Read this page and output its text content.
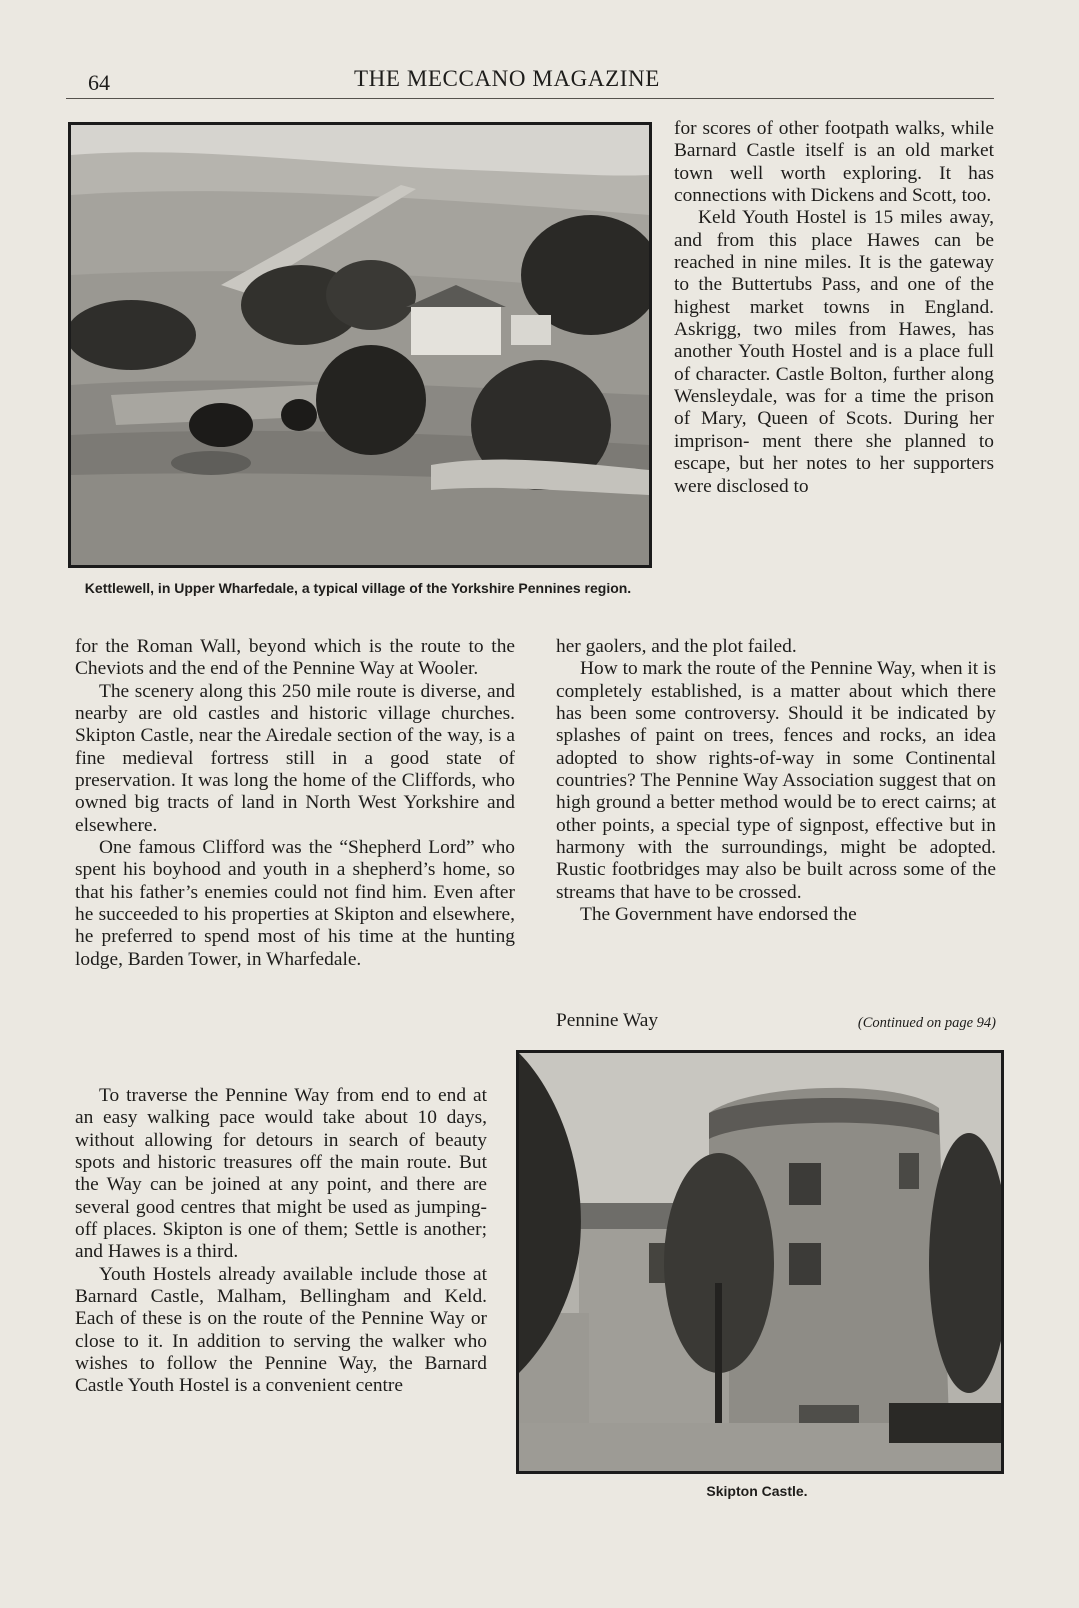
64	THE MECCANO MAGAZINE
Kettlewell, in Upper Wharfedale, a typical village of the Yorkshire Pennines region.

for scores of other footpath walks, while Barnard Castle itself is an old market town well worth exploring. It has connections with Dickens and Scott, too.

Keld Youth Hostel is 15 miles away, and from this place Hawes can be reached in nine miles. It is the gateway to the Buttertubs Pass, and one of the highest market towns in England. Askrigg, two miles from Hawes, has another Youth Hostel and is a place full of character. Castle Bolton, further along Wensleydale, was for a time the prison of Mary, Queen of Scots. During her imprison- ment there she planned to escape, but her notes to her supporters were disclosed to

for the Roman Wall, beyond which is the route to the Cheviots and the end of the Pennine Way at Wooler.

The scenery along this 250 mile route is diverse, and nearby are old castles and historic village churches. Skipton Castle, near the Airedale section of the way, is a fine medieval fortress still in a good state of preservation. It was long the home of the Cliffords, who owned big tracts of land in North West Yorkshire and elsewhere.

One famous Clifford was the “Shepherd Lord” who spent his boyhood and youth in a shepherd’s home, so that his father’s enemies could not find him. Even after he succeeded to his properties at Skipton and elsewhere, he preferred to spend most of his time at the hunting lodge, Barden Tower, in Wharfedale.

To traverse the Pennine Way from end to end at an easy walking pace would take about 10 days, without allowing for detours in search of beauty spots and historic treasures off the main route. But the Way can be joined at any point, and there are several good centres that might be used as jumping-off places. Skipton is one of them; Settle is another; and Hawes is a third.

Youth Hostels already available include those at Barnard Castle, Malham, Bellingham and Keld. Each of these is on the route of the Pennine Way or close to it. In addition to serving the walker who wishes to follow the Pennine Way, the Barnard Castle Youth Hostel is a convenient centre

her gaolers, and the plot failed.

How to mark the route of the Pennine Way, when it is completely established, is a matter about which there has been some controversy. Should it be indicated by splashes of paint on trees, fences and rocks, an idea adopted to show rights-of-way in some Continental countries? The Pennine Way Association suggest that on high ground a better method would be to erect cairns; at other points, a special type of signpost, effective but in harmony with the surroundings, might be adopted. Rustic footbridges may also be built across some of the streams that have to be crossed.

The Government have endorsed the

Pennine Way	(Continued on page 94)
Skipton Castle.
